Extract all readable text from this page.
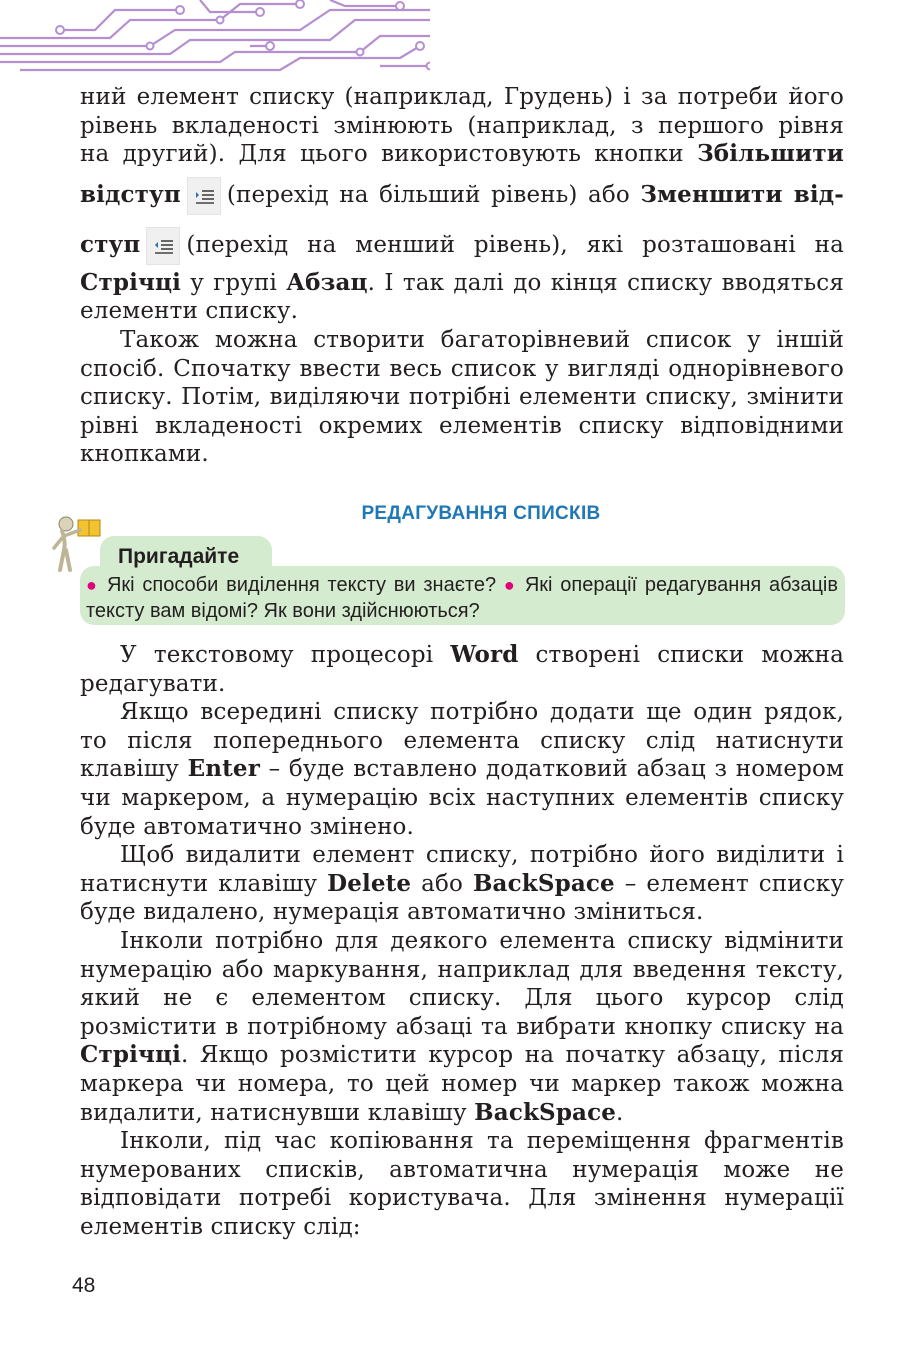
ний елемент списку (наприклад, Грудень) і за потреби його
рівень вкладеності змінюють (наприклад, з першого рівня
на другий). Для цього використовують кнопки Збільшити
відступ (перехід на більший рівень) або Зменшити від-
ступ (перехід на менший рівень), які розташовані на
Стрічці у групі Абзац. І так далі до кінця списку вводяться
елементи списку.

Також можна створити багаторівневий список у іншій спосіб. Спочатку ввести весь список у вигляді однорівневого списку. Потім, виділяючи потрібні елементи списку, змінити рівні вкладеності окремих елементів списку відповідними кнопками.

РЕДАГУВАННЯ СПИСКІВ
Пригадайте

● Які способи виділення тексту ви знаєте? ● Які операції редагування абзаців тексту вам відомі? Як вони здійснюються?

У текстовому процесорі Word створені списки можна редагувати.

Якщо всередині списку потрібно додати ще один рядок, то після попереднього елемента списку слід натиснути клавішу Enter – буде вставлено додатковий абзац з номером чи маркером, а нумерацію всіх наступних елементів списку буде автоматично змінено.

Щоб видалити елемент списку, потрібно його виділити і натиснути клавішу Delete або BackSpace – елемент списку буде видалено, нумерація автоматично зміниться.

Інколи потрібно для деякого елемента списку відмінити нумерацію або маркування, наприклад для введення тексту, який не є елементом списку. Для цього курсор слід розмістити в потрібному абзаці та вибрати кнопку списку на Стрічці. Якщо розмістити курсор на початку абзацу, після маркера чи номера, то цей номер чи маркер також можна видалити, натиснувши клавішу BackSpace.

Інколи, під час копіювання та переміщення фрагментів нумерованих списків, автоматична нумерація може не відповідати потребі користувача. Для змінення нумерації елементів списку слід:

48
